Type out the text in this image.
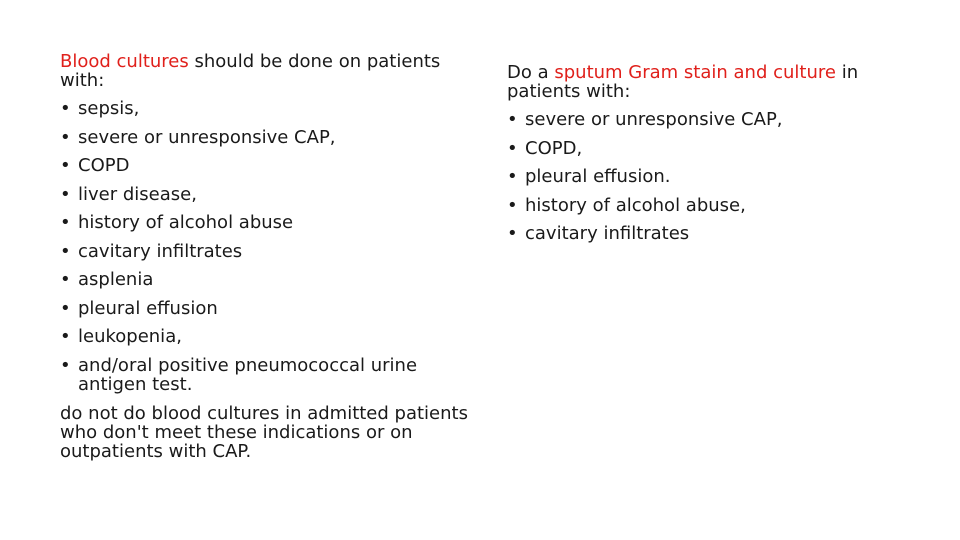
Blood cultures should be done on patients with:

• sepsis,
• severe or unresponsive CAP,
• COPD
• liver disease,
• history of alcohol abuse
• cavitary infiltrates
• asplenia
• pleural effusion
• leukopenia,
• and/oral positive pneumococcal urine antigen test.

do not do blood cultures in admitted patients who don't meet these indications or on outpatients with CAP.

Do a sputum Gram stain and culture in patients with:

• severe or unresponsive CAP,
• COPD,
• pleural effusion.
• history of alcohol abuse,
• cavitary infiltrates
